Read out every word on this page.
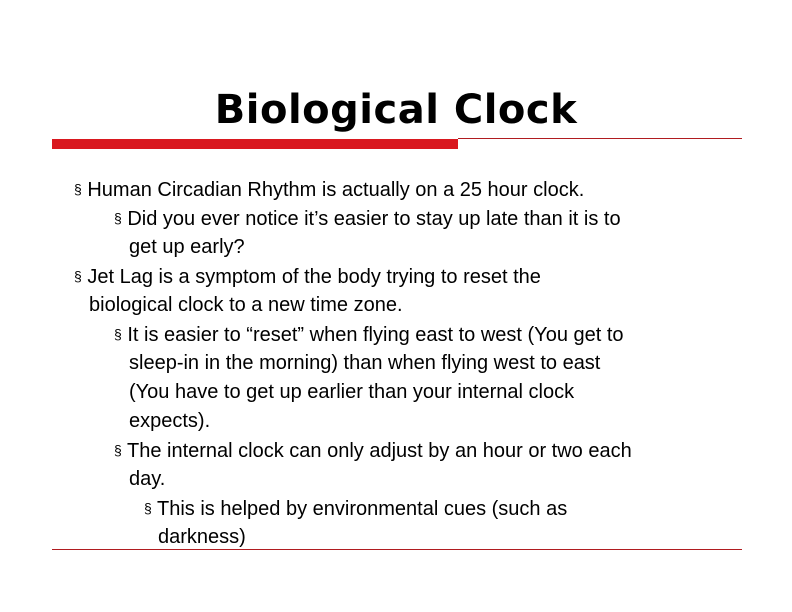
Biological Clock
§ Human Circadian Rhythm is actually on a 25 hour clock.
§ Did you ever notice it’s easier to stay up late than it is to
get up early?
§ Jet Lag is a symptom of the body trying to reset the
biological clock to a new time zone.
§ It is easier to “reset” when flying east to west (You get to
sleep-in in the morning) than when flying west to east
(You have to get up earlier than your internal clock
expects).
§ The internal clock can only adjust by an hour or two each
day.
§ This is helped by environmental cues (such as
darkness)
